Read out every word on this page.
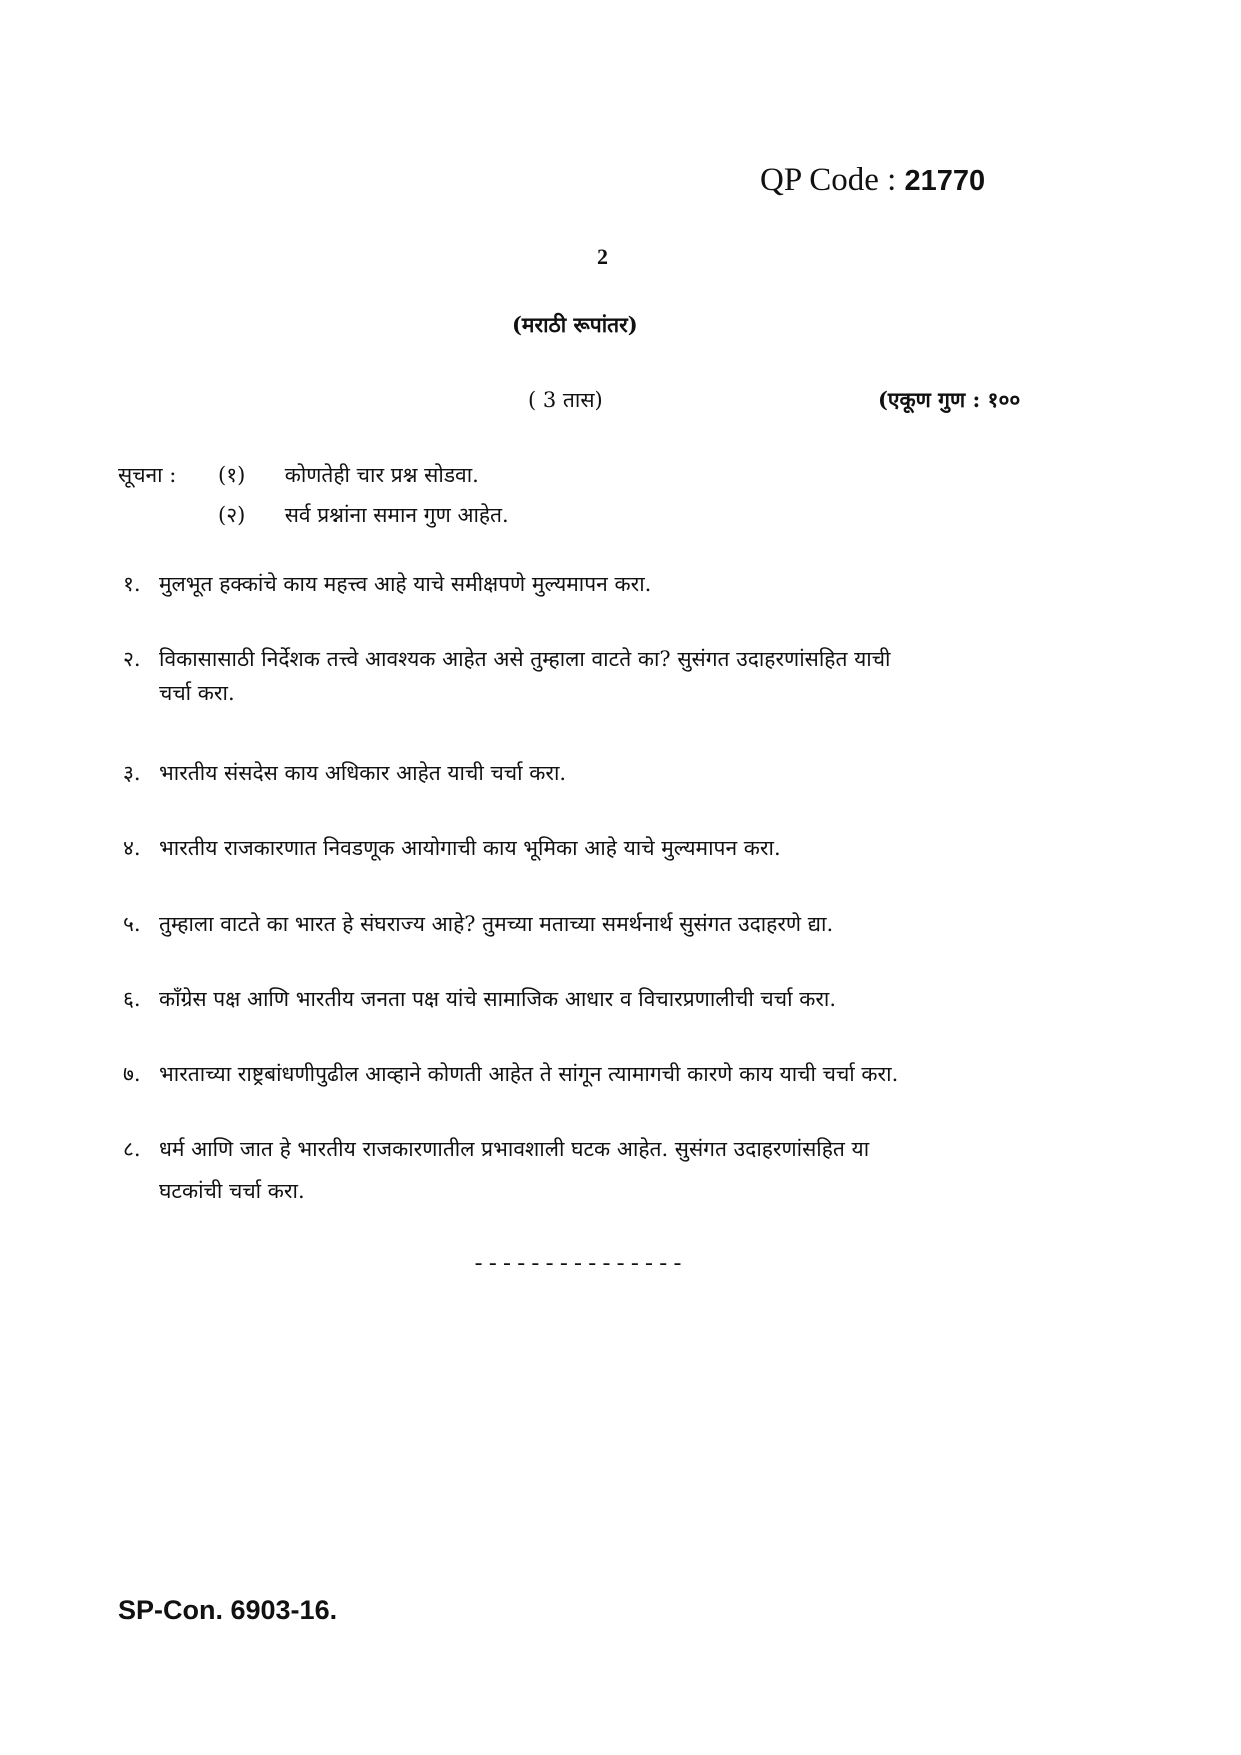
QP Code : 21770
2
(मराठी रूपांतर)
( 3 तास)	(एकूण गुण : १००
सूचना : (१) कोणतेही चार प्रश्न सोडवा.
(२) सर्व प्रश्नांना समान गुण आहेत.
१. मुलभूत हक्कांचे काय महत्त्व आहे याचे समीक्षपणे मुल्यमापन करा.
२. विकासासाठी निर्देशक तत्त्वे आवश्यक आहेत असे तुम्हाला वाटते का? सुसंगत उदाहरणांसहित याची
चर्चा करा.
३. भारतीय संसदेस काय अधिकार आहेत याची चर्चा करा.
४. भारतीय राजकारणात निवडणूक आयोगाची काय भूमिका आहे याचे मुल्यमापन करा.
५. तुम्हाला वाटते का भारत हे संघराज्य आहे? तुमच्या मताच्या समर्थनार्थ सुसंगत उदाहरणे द्या.
६. काँग्रेस पक्ष आणि भारतीय जनता पक्ष यांचे सामाजिक आधार व विचारप्रणालीची चर्चा करा.
७. भारताच्या राष्ट्रबांधणीपुढील आव्हाने कोणती आहेत ते सांगून त्यामागची कारणे काय याची चर्चा करा.
८. धर्म आणि जात हे भारतीय राजकारणातील प्रभावशाली घटक आहेत. सुसंगत उदाहरणांसहित या
घटकांची चर्चा करा.
---------------
SP-Con. 6903-16.
